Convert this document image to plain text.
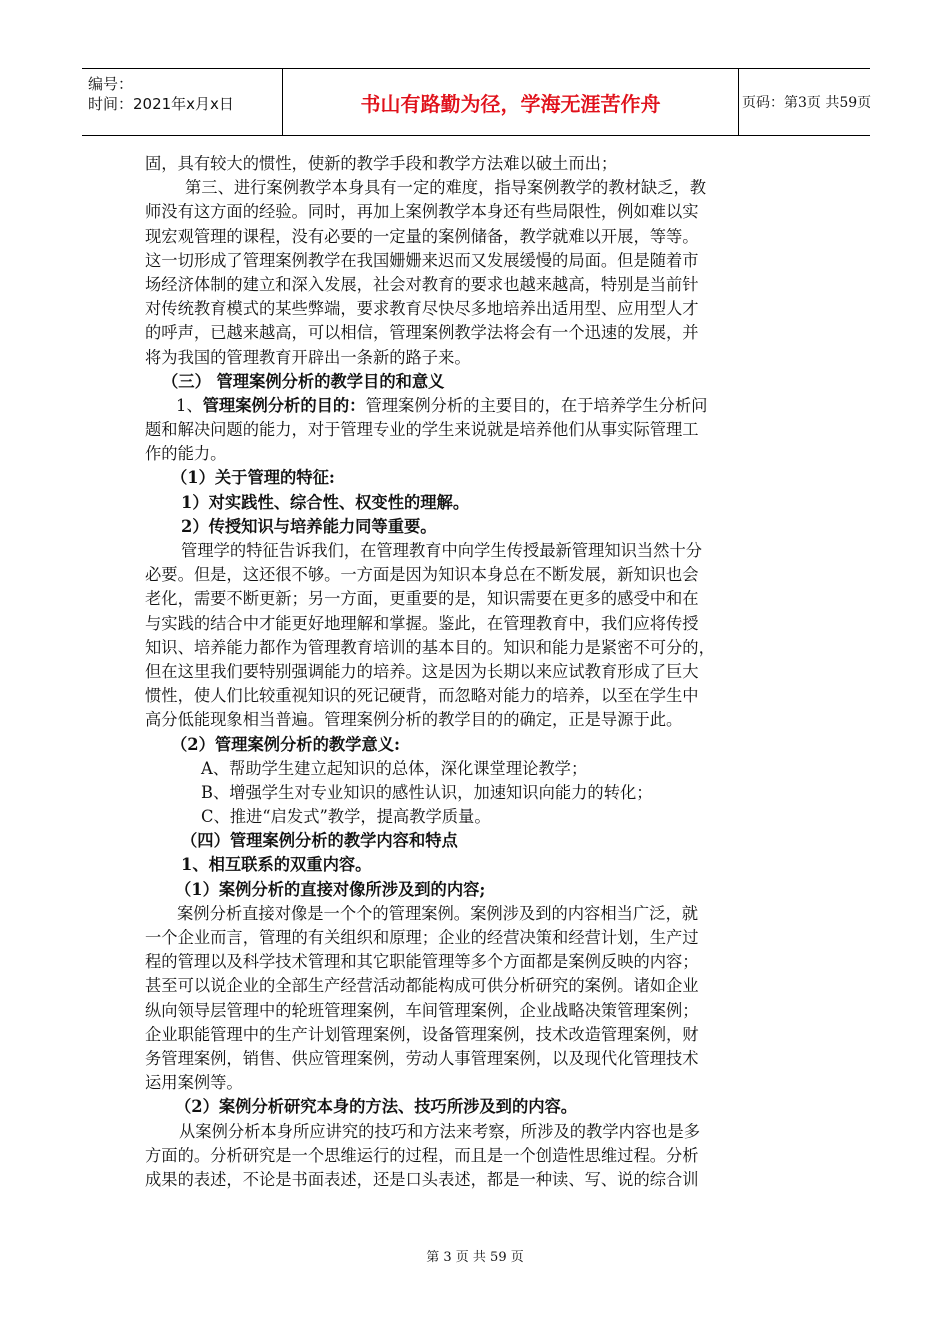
编号：
时间：2021年x月x日	书山有路勤为径，学海无涯苦作舟	页码：第3页 共59页
固，具有较大的惯性，使新的教学手段和教学方法难以破土而出；
第三、进行案例教学本身具有一定的难度，指导案例教学的教材缺乏，教
师没有这方面的经验。同时，再加上案例教学本身还有些局限性，例如难以实
现宏观管理的课程，没有必要的一定量的案例储备，教学就难以开展，等等。
这一切形成了管理案例教学在我国姗姗来迟而又发展缓慢的局面。但是随着市
场经济体制的建立和深入发展，社会对教育的要求也越来越高，特别是当前针
对传统教育模式的某些弊端，要求教育尽快尽多地培养出适用型、应用型人才
的呼声，已越来越高，可以相信，管理案例教学法将会有一个迅速的发展，并
将为我国的管理教育开辟出一条新的路子来。
（三） 管理案例分析的教学目的和意义
1、管理案例分析的目的：管理案例分析的主要目的，在于培养学生分析问
题和解决问题的能力，对于管理专业的学生来说就是培养他们从事实际管理工
作的能力。
（1）关于管理的特征:
1）对实践性、综合性、权变性的理解。
2）传授知识与培养能力同等重要。
管理学的特征告诉我们，在管理教育中向学生传授最新管理知识当然十分
必要。但是，这还很不够。一方面是因为知识本身总在不断发展，新知识也会
老化，需要不断更新；另一方面，更重要的是，知识需要在更多的感受中和在
与实践的结合中才能更好地理解和掌握。鉴此，在管理教育中，我们应将传授
知识、培养能力都作为管理教育培训的基本目的。知识和能力是紧密不可分的，
但在这里我们要特别强调能力的培养。这是因为长期以来应试教育形成了巨大
惯性，使人们比较重视知识的死记硬背，而忽略对能力的培养，以至在学生中
高分低能现象相当普遍。管理案例分析的教学目的的确定，正是导源于此。
（2）管理案例分析的教学意义:
A、帮助学生建立起知识的总体，深化课堂理论教学；
B、增强学生对专业知识的感性认识，加速知识向能力的转化；
C、推进“启发式”教学，提高教学质量。
（四）管理案例分析的教学内容和特点
1、相互联系的双重内容。
（1）案例分析的直接对像所涉及到的内容;
案例分析直接对像是一个个的管理案例。案例涉及到的内容相当广泛，就
一个企业而言，管理的有关组织和原理；企业的经营决策和经营计划，生产过
程的管理以及科学技术管理和其它职能管理等多个方面都是案例反映的内容；
甚至可以说企业的全部生产经营活动都能构成可供分析研究的案例。诸如企业
纵向领导层管理中的轮班管理案例，车间管理案例，企业战略决策管理案例；
企业职能管理中的生产计划管理案例，设备管理案例，技术改造管理案例，财
务管理案例，销售、供应管理案例，劳动人事管理案例，以及现代化管理技术
运用案例等。
（2）案例分析研究本身的方法、技巧所涉及到的内容。
从案例分析本身所应讲究的技巧和方法来考察，所涉及的教学内容也是多
方面的。分析研究是一个思维运行的过程，而且是一个创造性思维过程。分析
成果的表述，不论是书面表述，还是口头表述，都是一种读、写、说的综合训
第 3 页 共 59 页
